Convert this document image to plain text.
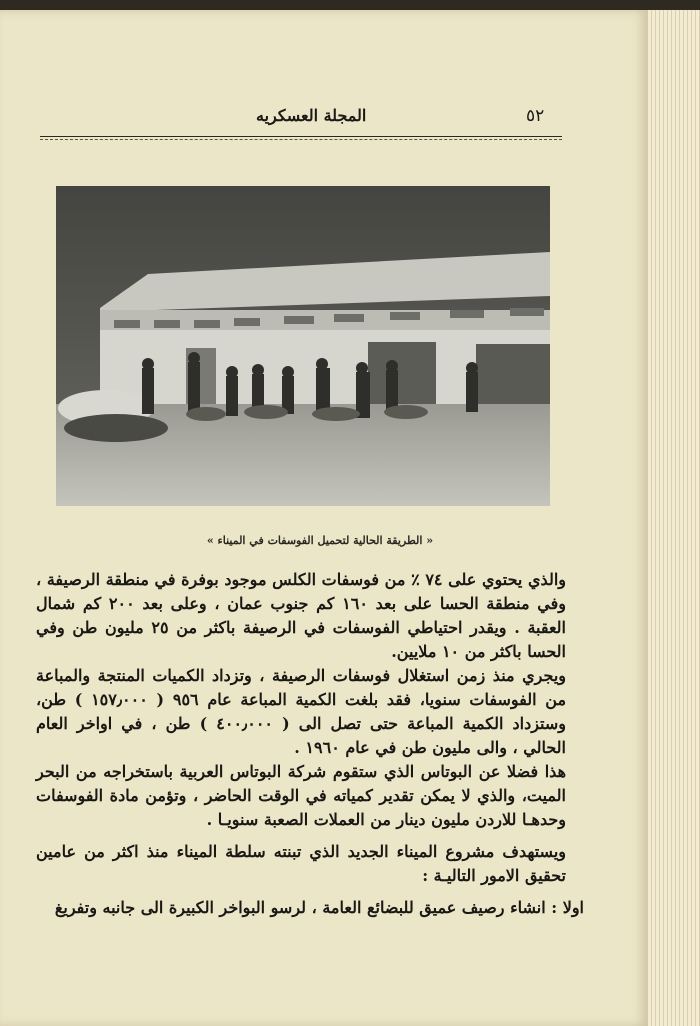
المجلة العسكريه	٥٢
« الطريقة الحالية لتحميل الفوسفات في الميناء »

والذي يحتوي على ٧٤ ٪ من فوسفات الكلس موجود بوفرة في منطقة الرصيفة ، وفي منطقة الحسا على بعد ١٦٠ كم جنوب عمان ، وعلى بعد ٢٠٠ كم شمال العقبة . ويقدر احتياطي الفوسفات في الرصيفة باكثر من ٢٥ مليون طن وفي الحسا باكثر من ١٠ ملايين.

ويجري منذ زمن استغلال فوسفات الرصيفة ، وتزداد الكميات المنتجة والمباعة من الفوسفات سنويا، فقد بلغت الكمية المباعة عام ٩٥٦ ( ١٥٧٫٠٠٠ ) طن، وستزداد الكمية المباعة حتى تصل الى ( ٤٠٠٫٠٠٠ ) طن ، في اواخر العام الحالي ، والى مليون طن في عام ١٩٦٠ .

هذا فضلا عن البوتاس الذي ستقوم شركة البوتاس العربية باستخراجه من البحر الميت، والذي لا يمكن تقدير كمياته في الوقت الحاضر ، وتؤمن مادة الفوسفات وحدهـا للاردن مليون دينار من العملات الصعبة سنويـا .

ويستهدف مشروع الميناء الجديد الذي تبنته سلطة الميناء منذ اكثر من عامين تحقيق الامور التاليـة :

اولا : انشاء رصيف عميق للبضائع العامة ، لرسو البواخر الكبيرة الى جانبه وتفريغ
